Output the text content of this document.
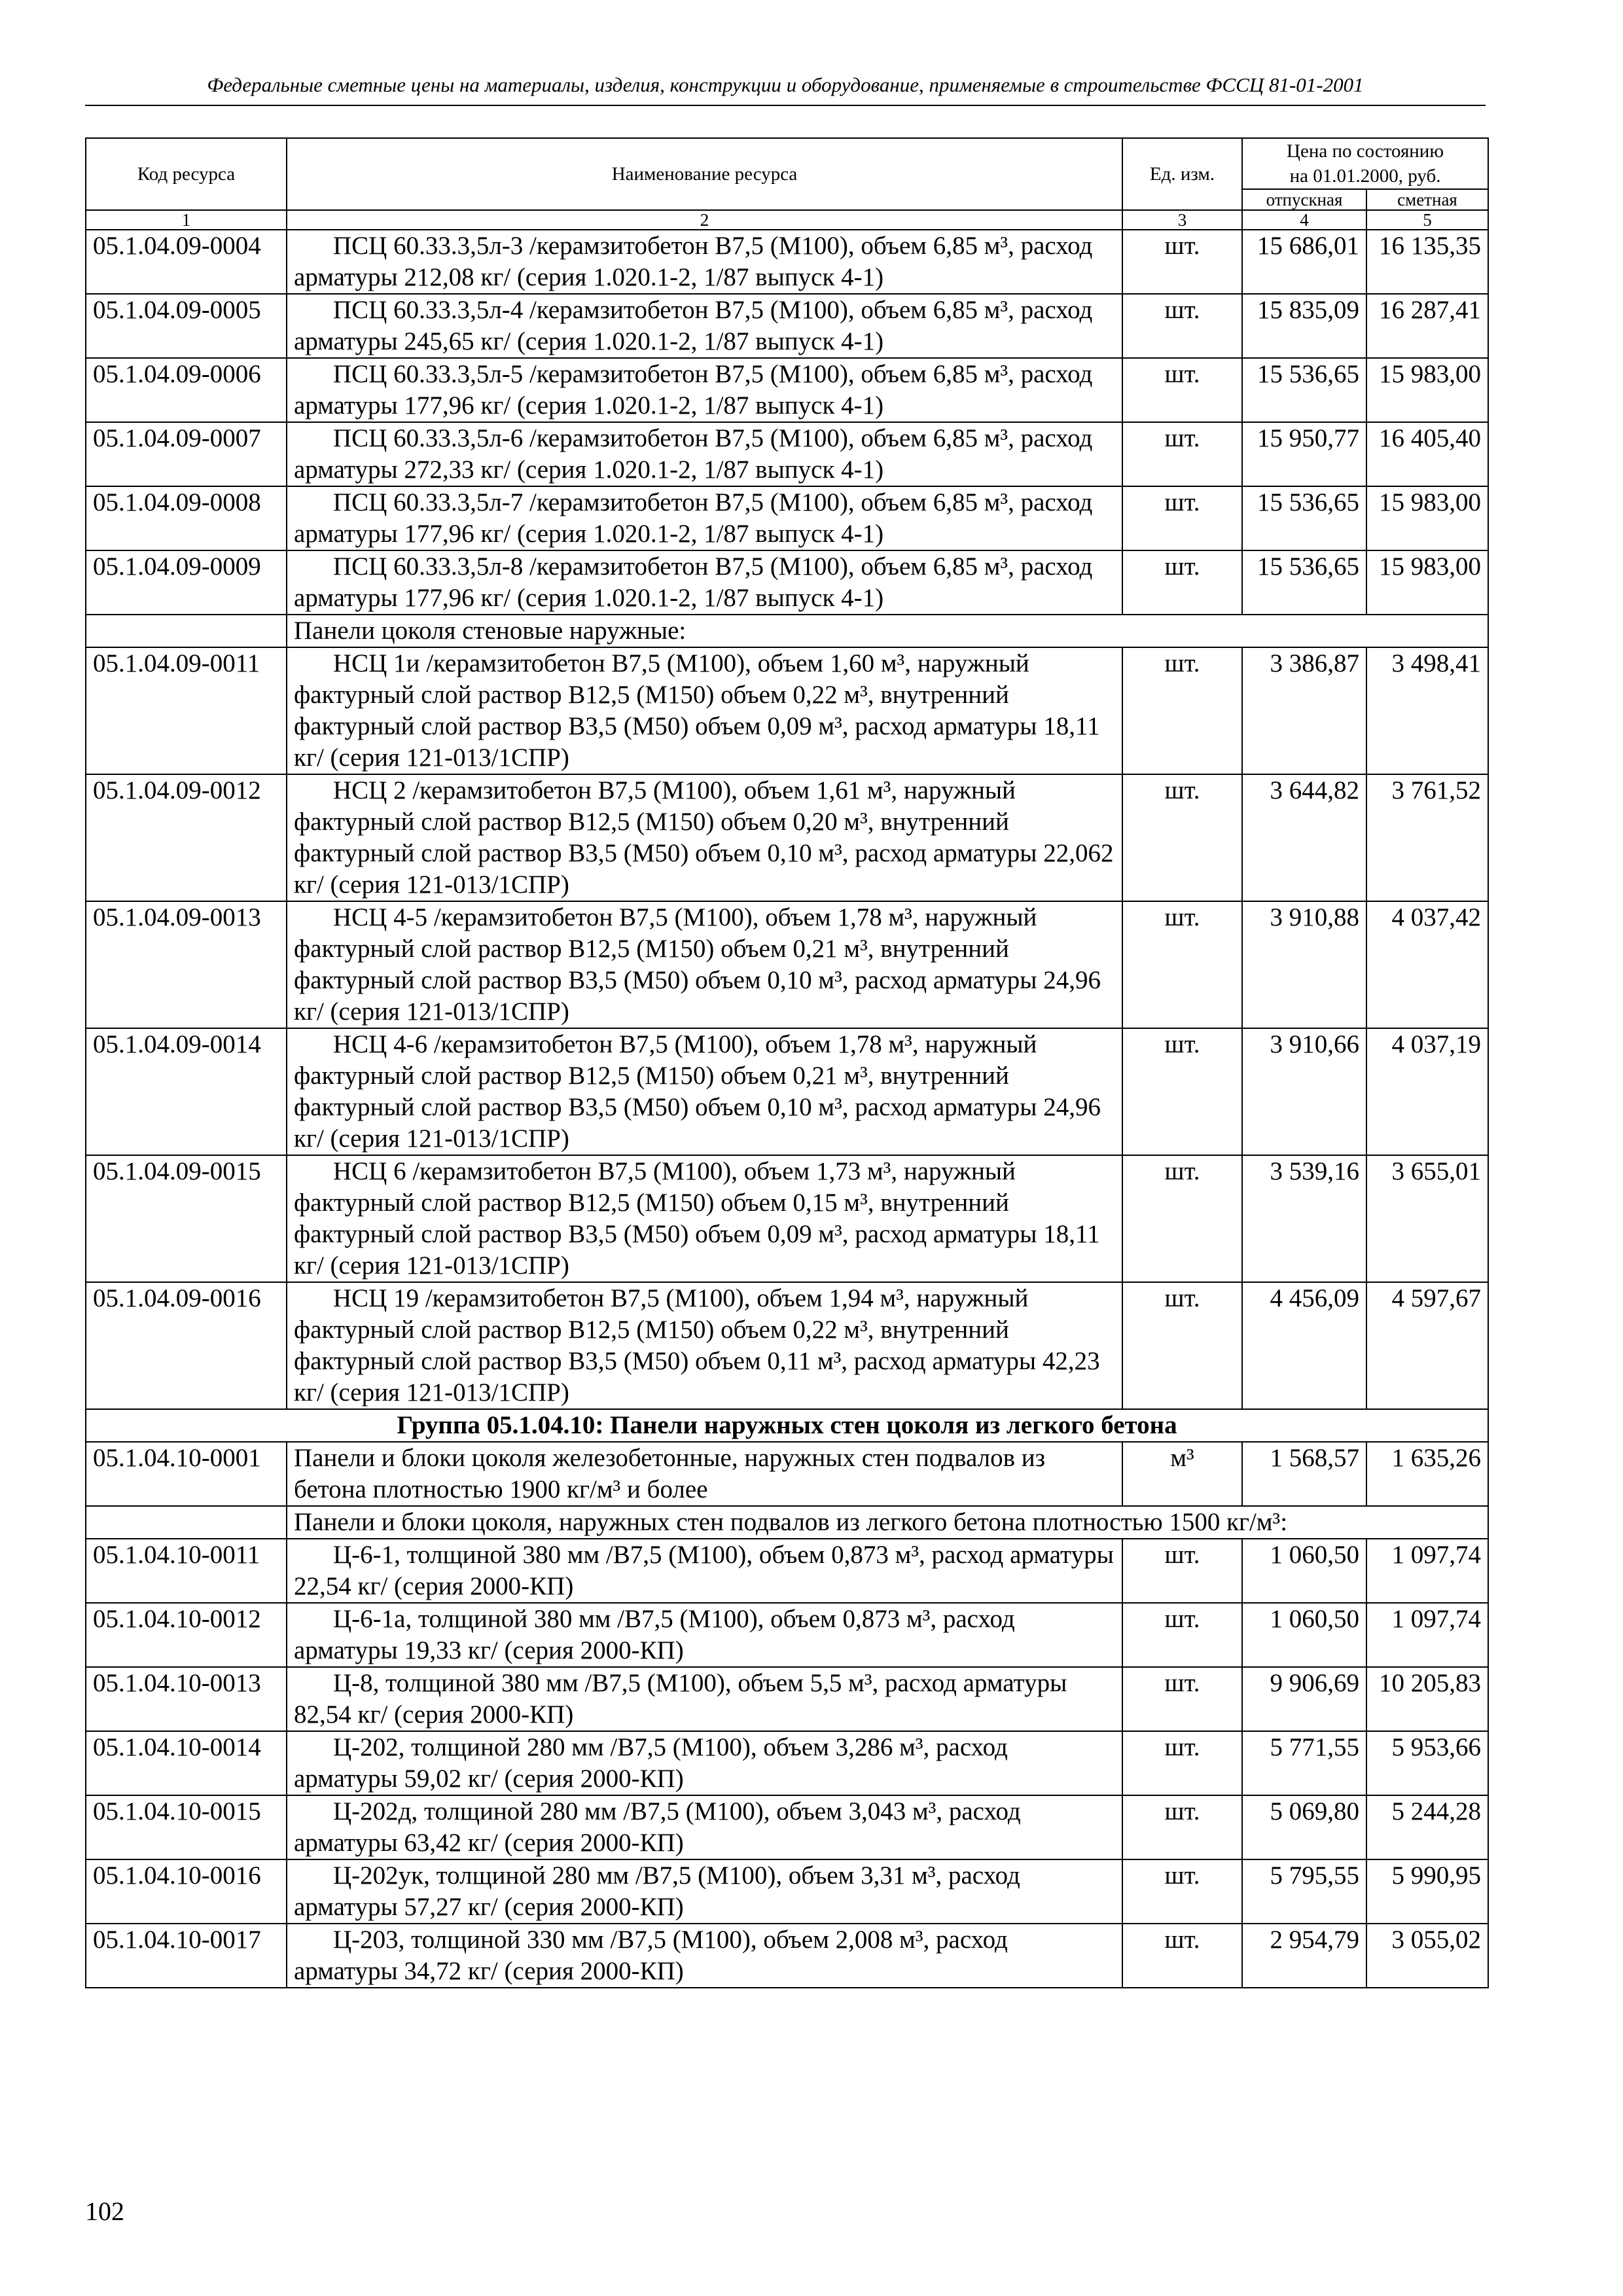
Федеральные сметные цены на материалы, изделия, конструкции и оборудование, применяемые в строительстве ФССЦ 81-01-2001
Код ресурса	Наименование ресурса	Ед. изм.	Цена по состоянию на 01.01.2000, руб.	
			отпускная	сметная
1	2	3	4	5
05.1.04.09-0004	ПСЦ 60.33.3,5л-3 /керамзитобетон В7,5 (М100), объем 6,85 м³, расход арматуры 212,08 кг/ (серия 1.020.1-2, 1/87 выпуск 4-1)	шт.	15 686,01	16 135,35
05.1.04.09-0005	ПСЦ 60.33.3,5л-4 /керамзитобетон В7,5 (М100), объем 6,85 м³, расход арматуры 245,65 кг/ (серия 1.020.1-2, 1/87 выпуск 4-1)	шт.	15 835,09	16 287,41
05.1.04.09-0006	ПСЦ 60.33.3,5л-5 /керамзитобетон В7,5 (М100), объем 6,85 м³, расход арматуры 177,96 кг/ (серия 1.020.1-2, 1/87 выпуск 4-1)	шт.	15 536,65	15 983,00
05.1.04.09-0007	ПСЦ 60.33.3,5л-6 /керамзитобетон В7,5 (М100), объем 6,85 м³, расход арматуры 272,33 кг/ (серия 1.020.1-2, 1/87 выпуск 4-1)	шт.	15 950,77	16 405,40
05.1.04.09-0008	ПСЦ 60.33.3,5л-7 /керамзитобетон В7,5 (М100), объем 6,85 м³, расход арматуры 177,96 кг/ (серия 1.020.1-2, 1/87 выпуск 4-1)	шт.	15 536,65	15 983,00
05.1.04.09-0009	ПСЦ 60.33.3,5л-8 /керамзитобетон В7,5 (М100), объем 6,85 м³, расход арматуры 177,96 кг/ (серия 1.020.1-2, 1/87 выпуск 4-1)	шт.	15 536,65	15 983,00
	Панели цоколя стеновые наружные:			
05.1.04.09-0011	НСЦ 1и /керамзитобетон В7,5 (М100), объем 1,60 м³, наружный фактурный слой раствор В12,5 (М150) объем 0,22 м³, внутренний фактурный слой раствор В3,5 (М50) объем 0,09 м³, расход арматуры 18,11 кг/ (серия 121-013/1СПР)	шт.	3 386,87	3 498,41
05.1.04.09-0012	НСЦ 2 /керамзитобетон В7,5 (М100), объем 1,61 м³, наружный фактурный слой раствор В12,5 (М150) объем 0,20 м³, внутренний фактурный слой раствор В3,5 (М50) объем 0,10 м³, расход арматуры 22,062 кг/ (серия 121-013/1СПР)	шт.	3 644,82	3 761,52
05.1.04.09-0013	НСЦ 4-5 /керамзитобетон В7,5 (М100), объем 1,78 м³, наружный фактурный слой раствор В12,5 (М150) объем 0,21 м³, внутренний фактурный слой раствор В3,5 (М50) объем 0,10 м³, расход арматуры 24,96 кг/ (серия 121-013/1СПР)	шт.	3 910,88	4 037,42
05.1.04.09-0014	НСЦ 4-6 /керамзитобетон В7,5 (М100), объем 1,78 м³, наружный фактурный слой раствор В12,5 (М150) объем 0,21 м³, внутренний фактурный слой раствор В3,5 (М50) объем 0,10 м³, расход арматуры 24,96 кг/ (серия 121-013/1СПР)	шт.	3 910,66	4 037,19
05.1.04.09-0015	НСЦ 6 /керамзитобетон В7,5 (М100), объем 1,73 м³, наружный фактурный слой раствор В12,5 (М150) объем 0,15 м³, внутренний фактурный слой раствор В3,5 (М50) объем 0,09 м³, расход арматуры 18,11 кг/ (серия 121-013/1СПР)	шт.	3 539,16	3 655,01
05.1.04.09-0016	НСЦ 19 /керамзитобетон В7,5 (М100), объем 1,94 м³, наружный фактурный слой раствор В12,5 (М150) объем 0,22 м³, внутренний фактурный слой раствор В3,5 (М50) объем 0,11 м³, расход арматуры 42,23 кг/ (серия 121-013/1СПР)	шт.	4 456,09	4 597,67
Группа 05.1.04.10: Панели наружных стен цоколя из легкого бетона				
05.1.04.10-0001	Панели и блоки цоколя железобетонные, наружных стен подвалов из бетона плотностью 1900 кг/м³ и более	м³	1 568,57	1 635,26
	Панели и блоки цоколя, наружных стен подвалов из легкого бетона плотностью 1500 кг/м³:			
05.1.04.10-0011	Ц-6-1, толщиной 380 мм /В7,5 (М100), объем 0,873 м³, расход арматуры 22,54 кг/ (серия 2000-КП)	шт.	1 060,50	1 097,74
05.1.04.10-0012	Ц-6-1а, толщиной 380 мм /В7,5 (М100), объем 0,873 м³, расход арматуры 19,33 кг/ (серия 2000-КП)	шт.	1 060,50	1 097,74
05.1.04.10-0013	Ц-8, толщиной 380 мм /В7,5 (М100), объем 5,5 м³, расход арматуры 82,54 кг/ (серия 2000-КП)	шт.	9 906,69	10 205,83
05.1.04.10-0014	Ц-202, толщиной 280 мм /В7,5 (М100), объем 3,286 м³, расход арматуры 59,02 кг/ (серия 2000-КП)	шт.	5 771,55	5 953,66
05.1.04.10-0015	Ц-202д, толщиной 280 мм /В7,5 (М100), объем 3,043 м³, расход арматуры 63,42 кг/ (серия 2000-КП)	шт.	5 069,80	5 244,28
05.1.04.10-0016	Ц-202ук, толщиной 280 мм /В7,5 (М100), объем 3,31 м³, расход арматуры 57,27 кг/ (серия 2000-КП)	шт.	5 795,55	5 990,95
05.1.04.10-0017	Ц-203, толщиной 330 мм /В7,5 (М100), объем 2,008 м³, расход арматуры 34,72 кг/ (серия 2000-КП)	шт.	2 954,79	3 055,02
102
